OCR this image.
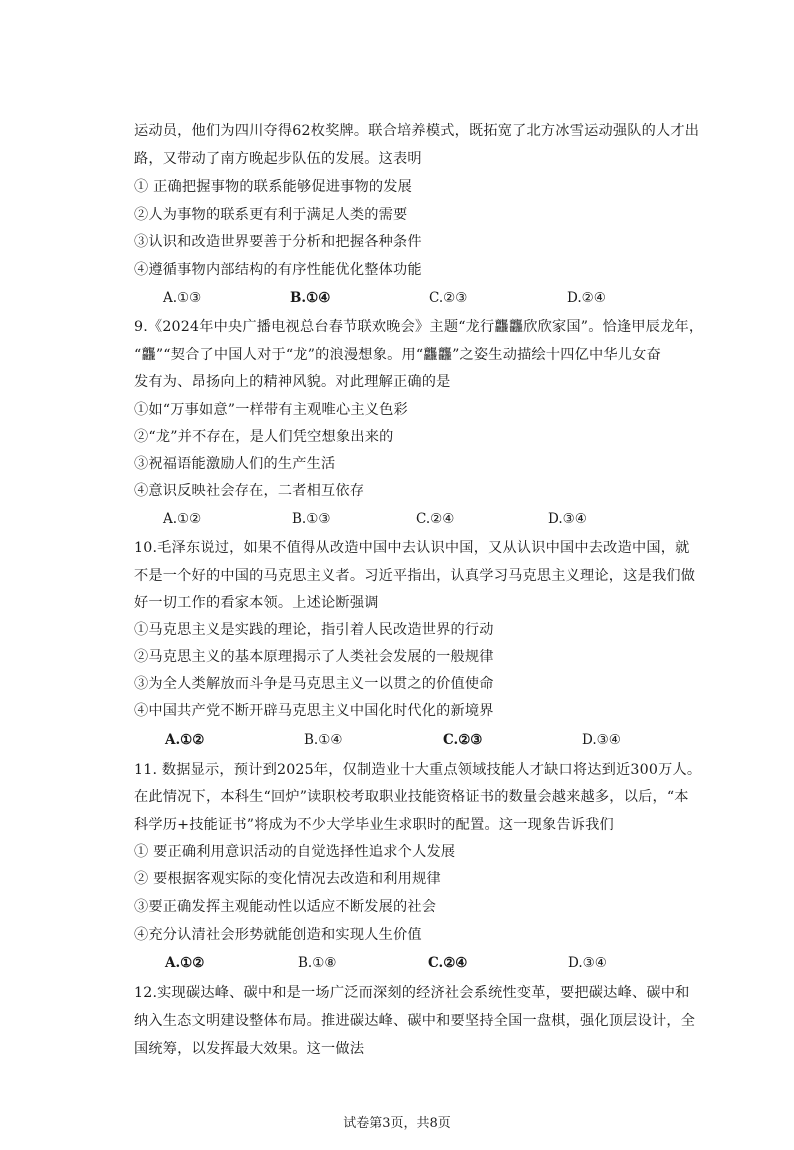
运动员，他们为四川夺得62枚奖牌。联合培养模式，既拓宽了北方冰雪运动强队的人才出
路，又带动了南方晚起步队伍的发展。这表明
① 正确把握事物的联系能够促进事物的发展
②人为事物的联系更有利于满足人类的需要
③认识和改造世界要善于分析和把握各种条件
④遵循事物内部结构的有序性能优化整体功能
A.①③	B.①④	C.②③	D.②④
9.《2024年中央广播电视总台春节联欢晚会》主题“龙行龘龘欣欣家国”。恰逢甲辰龙年，
“龘”“契合了中国人对于“龙”的浪漫想象。用“龘龘”之姿生动描绘十四亿中华儿女奋
发有为、昂扬向上的精神风貌。对此理解正确的是
①如“万事如意”一样带有主观唯心主义色彩
②“龙”并不存在，是人们凭空想象出来的
③祝福语能激励人们的生产生活
④意识反映社会存在，二者相互依存
A.①②	B.①③	C.②④	D.③④
10.毛泽东说过，如果不值得从改造中国中去认识中国，又从认识中国中去改造中国，就
不是一个好的中国的马克思主义者。习近平指出，认真学习马克思主义理论，这是我们做
好一切工作的看家本领。上述论断强调
①马克思主义是实践的理论，指引着人民改造世界的行动
②马克思主义的基本原理揭示了人类社会发展的一般规律
③为全人类解放而斗争是马克思主义一以贯之的价值使命
④中国共产党不断开辟马克思主义中国化时代化的新境界
A.①②	B.①④	C.②③	D.③④
11. 数据显示，预计到2025年，仅制造业十大重点领域技能人才缺口将达到近300万人。
在此情况下，本科生“回炉”读职校考取职业技能资格证书的数量会越来越多，以后，“本
科学历+技能证书”将成为不少大学毕业生求职时的配置。这一现象告诉我们
① 要正确利用意识活动的自觉选择性追求个人发展
② 要根据客观实际的变化情况去改造和利用规律
③要正确发挥主观能动性以适应不断发展的社会
④充分认清社会形势就能创造和实现人生价值
A.①②	B.①⑧	C.②④	D.③④
12.实现碳达峰、碳中和是一场广泛而深刻的经济社会系统性变革，要把碳达峰、碳中和
纳入生态文明建设整体布局。推进碳达峰、碳中和要坚持全国一盘棋，强化顶层设计，全
国统筹，以发挥最大效果。这一做法
试卷第3页，共8页
